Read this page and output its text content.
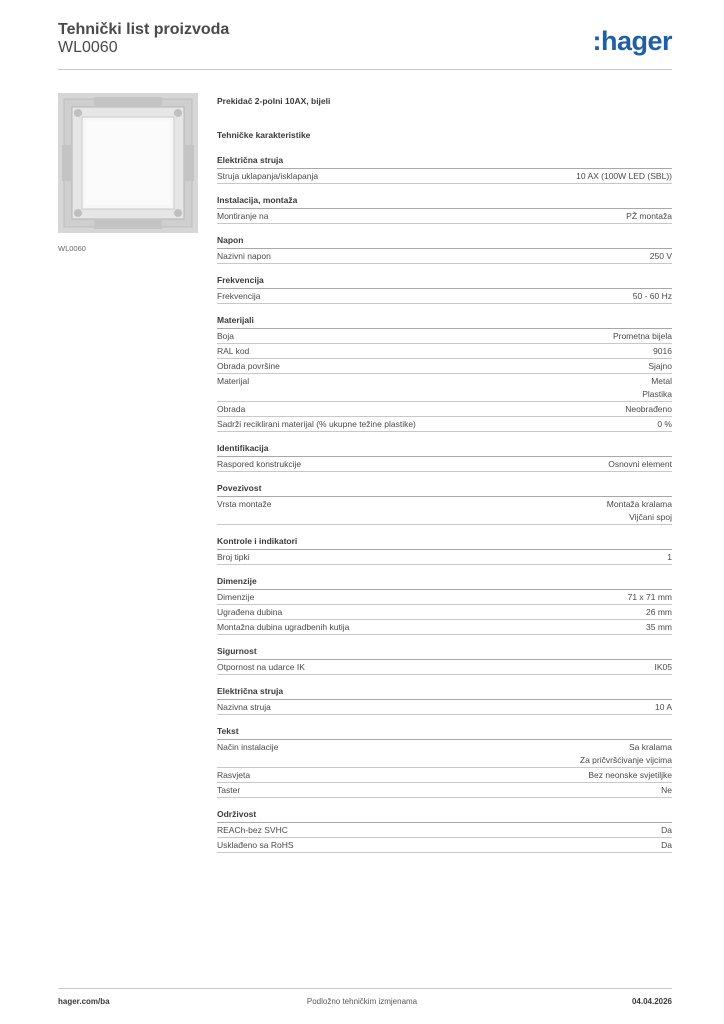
Tehnički list proizvoda
WL0060	:hager
WL0060
Prekidač 2-polni 10AX, bijeli
Tehničke karakteristike
Električna struja
Struja uklapanja/isklapanja	10 AX (100W LED (SBL))
Instalacija, montaža
Montiranje na	PŽ montaža
Napon
Nazivni napon	250 V
Frekvencija
Frekvencija	50 - 60 Hz
Materijali
Boja	Prometna bijela
RAL kod	9016
Obrada površine	Sjajno
Materijal	Metal
Plastika
Obrada	Neobrađeno
Sadrži reciklirani materijal (% ukupne težine plastike)	0 %
Identifikacija
Raspored konstrukcije	Osnovni element
Povezivost
Vrsta montaže	Montaža kralama
Vijčani spoj
Kontrole i indikatori
Broj tipki	1
Dimenzije
Dimenzije	71 x 71 mm
Ugrađena dubina	26 mm
Montažna dubina ugradbenih kutija	35 mm
Sigurnost
Otpornost na udarce IK	IK05
Električna struja
Nazivna struja	10 A
Tekst
Način instalacije	Sa kralama
Za pričvršćivanje vijcima
Rasvjeta	Bez neonske svjetiljke
Taster	Ne
Održivost
REACh-bez SVHC	Da
Usklađeno sa RoHS	Da
hager.com/ba	Podložno tehničkim izmjenama	04.04.2026
